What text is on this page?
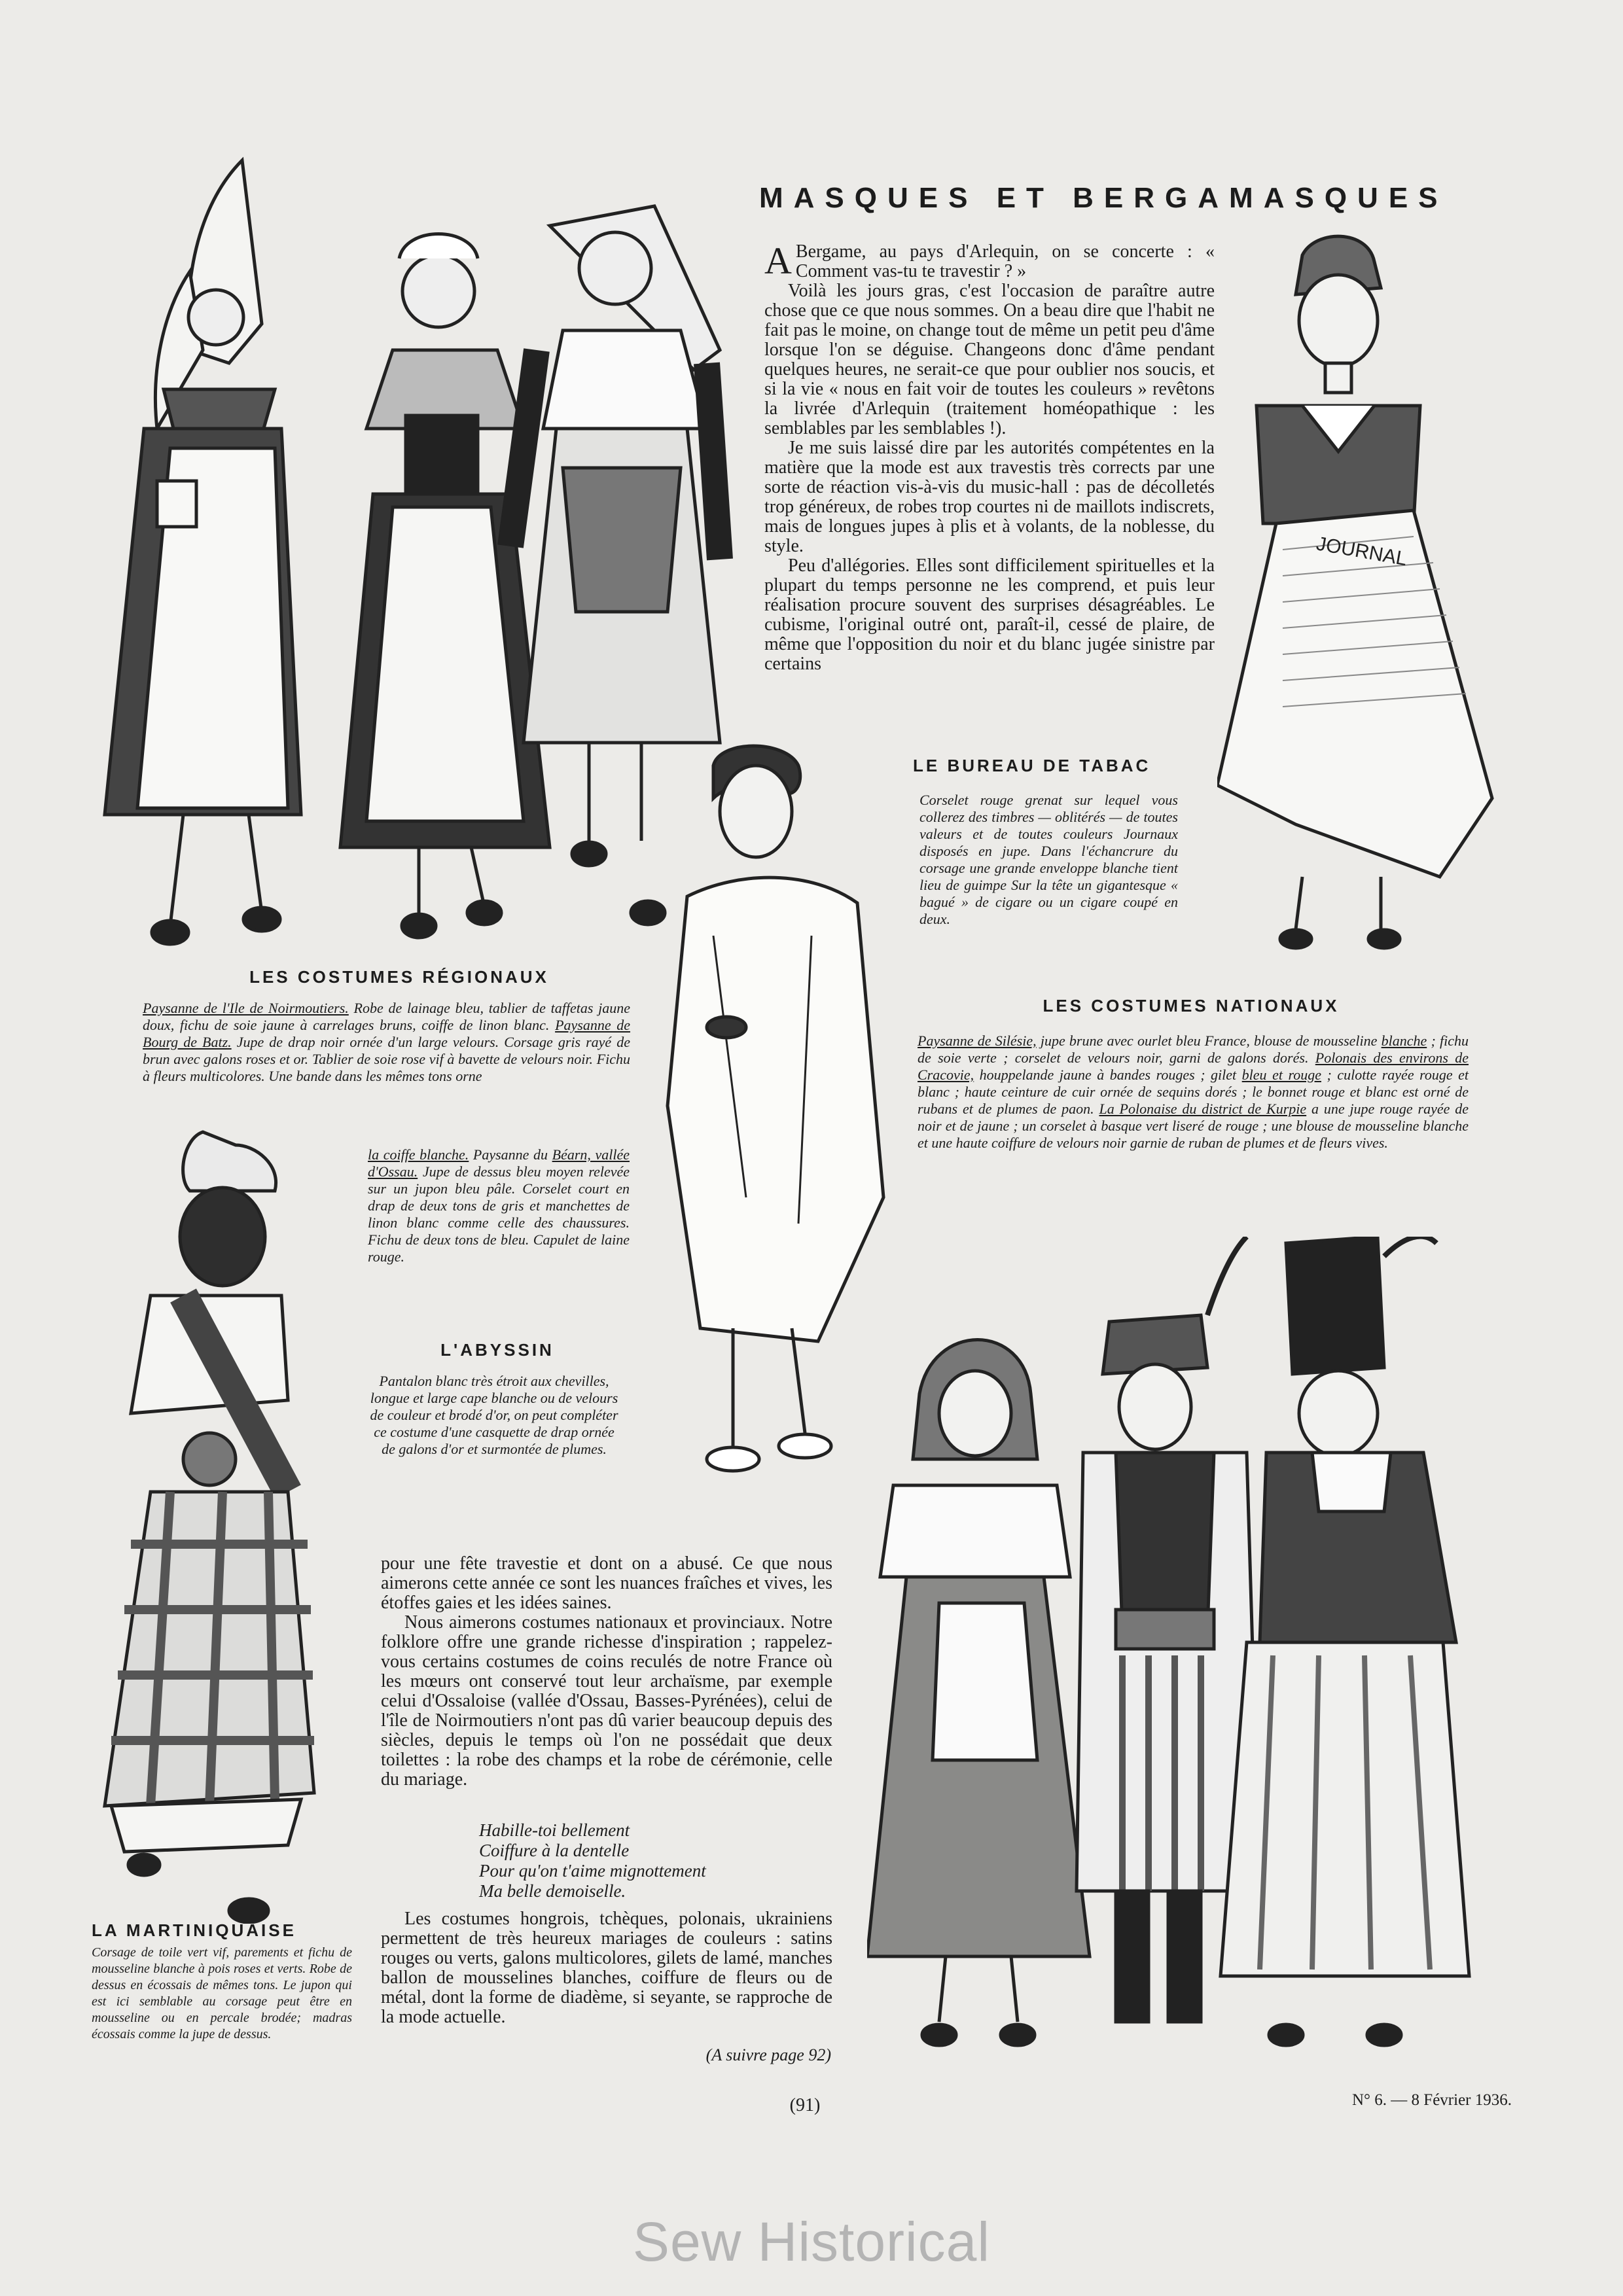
MASQUES ET BERGAMASQUES

A Bergame, au pays d'Arlequin, on se concerte : « Comment vas-tu te travestir ? »

Voilà les jours gras, c'est l'occasion de paraître autre chose que ce que nous sommes. On a beau dire que l'habit ne fait pas le moine, on change tout de même un petit peu d'âme lorsque l'on se déguise. Changeons donc d'âme pendant quelques heures, ne serait-ce que pour oublier nos soucis, et si la vie « nous en fait voir de toutes les couleurs » revêtons la livrée d'Arlequin (traitement homéopathique : les semblables par les semblables !).

Je me suis laissé dire par les autorités compétentes en la matière que la mode est aux travestis très corrects par une sorte de réaction vis-à-vis du music-hall : pas de décolletés trop généreux, de robes trop courtes ni de maillots indiscrets, mais de longues jupes à plis et à volants, de la noblesse, du style.

Peu d'allégories. Elles sont difficilement spirituelles et la plupart du temps personne ne les comprend, et puis leur réalisation procure souvent des surprises désagréables. Le cubisme, l'original outré ont, paraît-il, cessé de plaire, de même que l'opposition du noir et du blanc jugée sinistre par certains

JOURNAL
LE BUREAU DE TABAC
Corselet rouge grenat sur lequel vous collerez des timbres — oblitérés — de toutes valeurs et de toutes couleurs Journaux disposés en jupe. Dans l'échancrure du corsage une grande enveloppe blanche tient lieu de guimpe Sur la tête un gigantesque « bagué » de cigare ou un cigare coupé en deux.
LES COSTUMES RÉGIONAUX
Paysanne de l'Ile de Noirmoutiers. Robe de lainage bleu, tablier de taffetas jaune doux, fichu de soie jaune à carrelages bruns, coiffe de linon blanc. Paysanne de Bourg de Batz. Jupe de drap noir ornée d'un large velours. Corsage gris rayé de brun avec galons roses et or. Tablier de soie rose vif à bavette de velours noir. Fichu à fleurs multicolores. Une bande dans les mêmes tons orne
la coiffe blanche. Paysanne du Béarn, vallée d'Ossau. Jupe de dessus bleu moyen relevée sur un jupon bleu pâle. Corselet court en drap de deux tons de gris et manchettes de linon blanc comme celle des chaussures. Fichu de deux tons de bleu. Capulet de laine rouge.
L'ABYSSIN
Pantalon blanc très étroit aux chevilles, longue et large cape blanche ou de velours de couleur et brodé d'or, on peut compléter ce costume d'une casquette de drap ornée de galons d'or et surmontée de plumes.
LES COSTUMES NATIONAUX
Paysanne de Silésie, jupe brune avec ourlet bleu France, blouse de mousseline blanche ; fichu de soie verte ; corselet de velours noir, garni de galons dorés. Polonais des environs de Cracovie, houppelande jaune à bandes rouges ; gilet bleu et rouge ; culotte rayée rouge et blanc ; haute ceinture de cuir ornée de sequins dorés ; le bonnet rouge et blanc est orné de rubans et de plumes de paon. La Polonaise du district de Kurpie a une jupe rouge rayée de noir et de jaune ; un corselet à basque vert liseré de rouge ; une blouse de mousseline blanche et une haute coiffure de velours noir garnie de ruban de plumes et de fleurs vives.

pour une fête travestie et dont on a abusé. Ce que nous aimerons cette année ce sont les nuances fraîches et vives, les étoffes gaies et les idées saines.

Nous aimerons costumes nationaux et provinciaux. Notre folklore offre une grande richesse d'inspiration ; rappelez-vous certains costumes de coins reculés de notre France où les mœurs ont conservé tout leur archaïsme, par exemple celui d'Ossaloise (vallée d'Ossau, Basses-Pyrénées), celui de l'île de Noirmoutiers n'ont pas dû varier beaucoup depuis des siècles, depuis le temps où l'on ne possédait que deux toilettes : la robe des champs et la robe de cérémonie, celle du mariage.

Habille-toi bellement
Coiffure à la dentelle
Pour qu'on t'aime mignottement
Ma belle demoiselle.

Les costumes hongrois, tchèques, polonais, ukrainiens permettent de très heureux mariages de couleurs : satins rouges ou verts, galons multicolores, gilets de lamé, manches ballon de mousselines blanches, coiffure de fleurs ou de métal, dont la forme de diadème, si seyante, se rapproche de la mode actuelle.

(A suivre page 92)
LA MARTINIQUAISE
Corsage de toile vert vif, parements et fichu de mousseline blanche à pois roses et verts. Robe de dessus en écossais de mêmes tons. Le jupon qui est ici semblable au corsage peut être en mousseline ou en percale brodée; madras écossais comme la jupe de dessus.
(91)	N° 6. — 8 Février 1936.
Sew Historical
